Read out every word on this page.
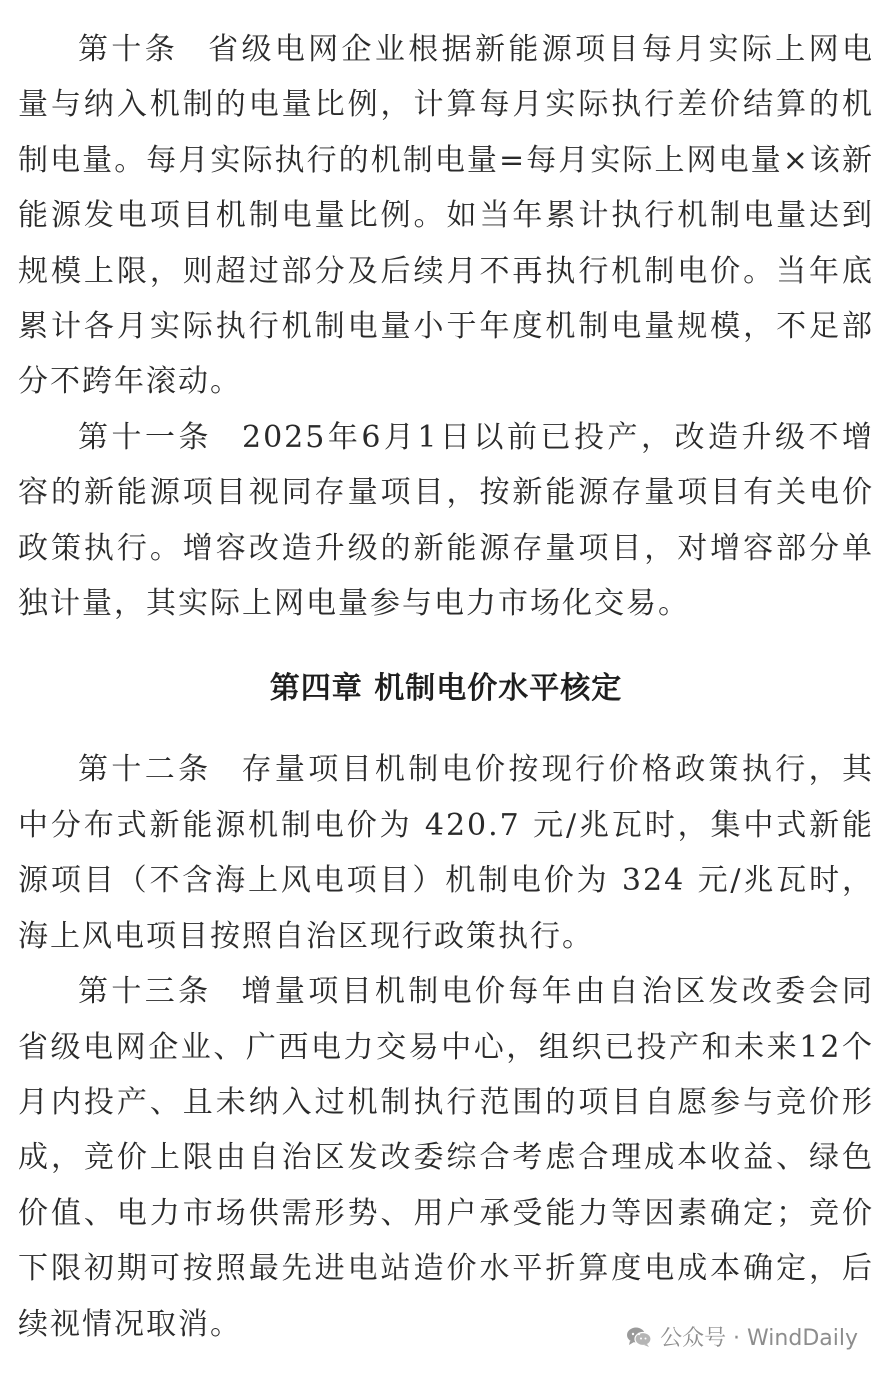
第十条 省级电网企业根据新能源项目每月实际上网电量与纳入机制的电量比例，计算每月实际执行差价结算的机制电量。每月实际执行的机制电量=每月实际上网电量×该新能源发电项目机制电量比例。如当年累计执行机制电量达到规模上限，则超过部分及后续月不再执行机制电价。当年底累计各月实际执行机制电量小于年度机制电量规模，不足部分不跨年滚动。

第十一条 2025年6月1日以前已投产，改造升级不增容的新能源项目视同存量项目，按新能源存量项目有关电价政策执行。增容改造升级的新能源存量项目，对增容部分单独计量，其实际上网电量参与电力市场化交易。

第四章 机制电价水平核定

第十二条 存量项目机制电价按现行价格政策执行，其中分布式新能源机制电价为 420.7 元/兆瓦时，集中式新能源项目（不含海上风电项目）机制电价为 324 元/兆瓦时，海上风电项目按照自治区现行政策执行。

第十三条 增量项目机制电价每年由自治区发改委会同省级电网企业、广西电力交易中心，组织已投产和未来12个月内投产、且未纳入过机制执行范围的项目自愿参与竞价形成，竞价上限由自治区发改委综合考虑合理成本收益、绿色价值、电力市场供需形势、用户承受能力等因素确定；竞价下限初期可按照最先进电站造价水平折算度电成本确定，后续视情况取消。	公众号 · WindDaily
